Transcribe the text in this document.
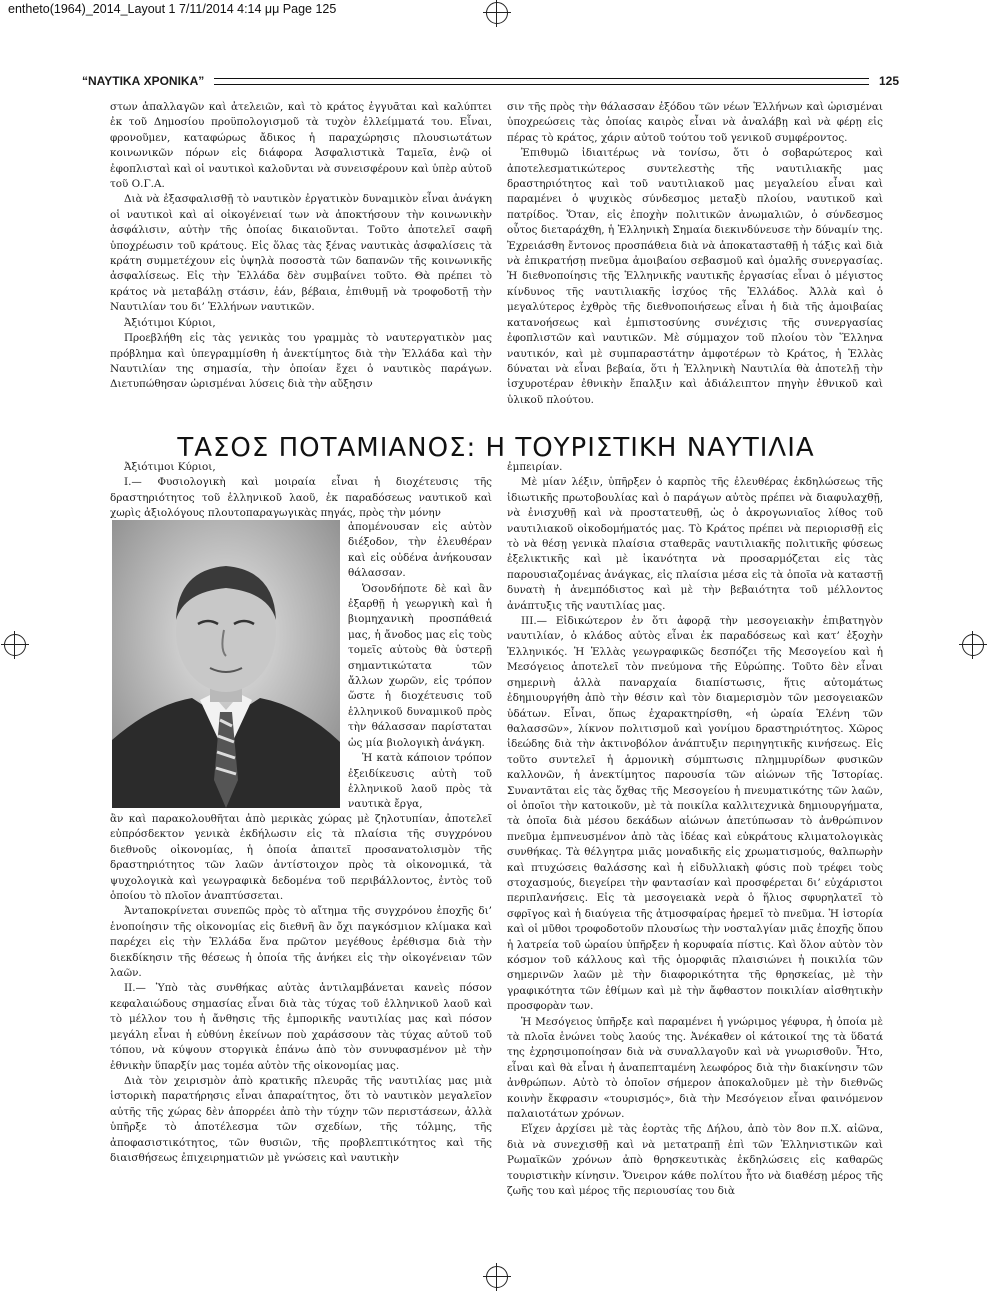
entheto(1964)_2014_Layout 1 7/11/2014 4:14 μμ Page 125
“ΝΑΥΤΙΚΑ ΧΡΟΝΙΚΑ”	125

στων ἀπαλλαγῶν καὶ ἀτελειῶν, καὶ τὸ κράτος ἐγγυᾶται καὶ καλύπτει ἐκ τοῦ Δημοσίου προϋπολογισμοῦ τὰ τυχὸν ἐλλείμματά του. Εἶναι, φρονοῦμεν, καταφώρως ἄδικος ἡ παραχώρησις πλουσιωτάτων κοινωνικῶν πόρων εἰς διάφορα Ἀσφαλιστικὰ Ταμεῖα, ἐνῷ οἱ ἐφοπλισταὶ καὶ οἱ ναυτικοὶ καλοῦνται νὰ συνεισφέρουν καὶ ὑπὲρ αὐτοῦ τοῦ Ο.Γ.Α.

Διὰ νὰ ἐξασφαλισθῇ τὸ ναυτικὸν ἐργατικὸν δυναμικὸν εἶναι ἀνάγκη οἱ ναυτικοὶ καὶ αἱ οἰκογένειαί των νὰ ἀποκτήσουν τὴν κοινωνικὴν ἀσφάλισιν, αὐτὴν τῆς ὁποίας δικαιοῦνται. Τοῦτο ἀποτελεῖ σαφῆ ὑποχρέωσιν τοῦ κράτους. Εἰς ὅλας τὰς ξένας ναυτικὰς ἀσφαλίσεις τὰ κράτη συμμετέχουν εἰς ὑψηλὰ ποσοστὰ τῶν δαπανῶν τῆς κοινωνικῆς ἀσφαλίσεως. Εἰς τὴν Ἑλλάδα δὲν συμβαίνει τοῦτο. Θὰ πρέπει τὸ κράτος νὰ μεταβάλῃ στάσιν, ἐάν, βέβαια, ἐπιθυμῇ νὰ τροφοδοτῇ τὴν Ναυτιλίαν του δι’ Ἑλλήνων ναυτικῶν.

Ἀξιότιμοι Κύριοι,

Προεβλήθη εἰς τὰς γενικὰς του γραμμὰς τὸ ναυτεργατικὸν μας πρόβλημα καὶ ὑπεγραμμίσθη ἡ ἀνεκτίμητος διὰ τὴν Ἑλλάδα καὶ τὴν Ναυτιλίαν της σημασία, τὴν ὁποίαν ἔχει ὁ ναυτικὸς παράγων. Διετυπώθησαν ὡρισμέναι λύσεις διὰ τὴν αὔξησιν

σιν τῆς πρὸς τὴν θάλασσαν ἐξόδου τῶν νέων Ἑλλήνων καὶ ὡρισμέναι ὑποχρεώσεις τὰς ὁποίας καιρὸς εἶναι νὰ ἀναλάβῃ καὶ νὰ φέρῃ εἰς πέρας τὸ κράτος, χάριν αὐτοῦ τούτου τοῦ γενικοῦ συμφέροντος.

Ἐπιθυμῶ ἰδιαιτέρως νὰ τονίσω, ὅτι ὁ σοβαρώτερος καὶ ἀποτελεσματικώτερος συντελεστὴς τῆς ναυτιλιακῆς μας δραστηριότητος καὶ τοῦ ναυτιλιακοῦ μας μεγαλείου εἶναι καὶ παραμένει ὁ ψυχικὸς σύνδεσμος μεταξὺ πλοίου, ναυτικοῦ καὶ πατρίδος. Ὅταν, εἰς ἐποχὴν πολιτικῶν ἀνωμαλιῶν, ὁ σύνδεσμος οὗτος διεταράχθη, ἡ Ἑλληνικὴ Σημαία διεκινδύνευσε τὴν δύναμίν της. Ἐχρειάσθη ἔντονος προσπάθεια διὰ νὰ ἀποκατασταθῇ ἡ τάξις καὶ διὰ νὰ ἐπικρατήσῃ πνεῦμα ἀμοιβαίου σεβασμοῦ καὶ ὁμαλῆς συνεργασίας. Ἡ διεθνοποίησις τῆς Ἑλληνικῆς ναυτικῆς ἐργασίας εἶναι ὁ μέγιστος κίνδυνος τῆς ναυτιλιακῆς ἰσχύος τῆς Ἑλλάδος. Ἀλλὰ καὶ ὁ μεγαλύτερος ἐχθρὸς τῆς διεθνοποιήσεως εἶναι ἡ διὰ τῆς ἀμοιβαίας κατανοήσεως καὶ ἐμπιστοσύνης συνέχισις τῆς συνεργασίας ἐφοπλιστῶν καὶ ναυτικῶν. Μὲ σύμμαχον τοῦ πλοίου τὸν Ἕλληνα ναυτικόν, καὶ μὲ συμπαραστάτην ἀμφοτέρων τὸ Κράτος, ἡ Ἑλλὰς δύναται νὰ εἶναι βεβαία, ὅτι ἡ Ἑλληνικὴ Ναυτιλία θὰ ἀποτελῇ τὴν ἰσχυροτέραν ἐθνικὴν ἔπαλξιν καὶ ἀδιάλειπτον πηγὴν ἐθνικοῦ καὶ ὑλικοῦ πλούτου.

ΤΑΣΟΣ ΠΟΤΑΜΙΑΝΟΣ: Η ΤΟΥΡΙΣΤΙΚΗ ΝΑΥΤΙΛΙΑ

Ἀξιότιμοι Κύριοι,

Ι.— Φυσιολογικὴ καὶ μοιραία εἶναι ἡ διοχέτευσις τῆς δραστηριότητος τοῦ ἑλληνικοῦ λαοῦ, ἐκ παραδόσεως ναυτικοῦ καὶ χωρὶς ἀξιολόγους πλουτοπαραγωγικὰς πηγάς, πρὸς τὴν μόνην

ἀπομένουσαν εἰς αὐτὸν διέξοδον, τὴν ἐλευθέραν καὶ εἰς οὐδένα ἀνήκουσαν θάλασσαν.

Ὁσονδήποτε δὲ καὶ ἂν ἐξαρθῇ ἡ γεωργικὴ καὶ ἡ βιομηχανικὴ προσπάθειά μας, ἡ ἄνοδος μας εἰς τοὺς τομεῖς αὐτοὺς θὰ ὑστερῇ σημαντικώτατα τῶν ἄλλων χωρῶν, εἰς τρόπον ὥστε ἡ διοχέτευσις τοῦ ἑλληνικοῦ δυναμικοῦ πρὸς τὴν θάλασσαν παρίσταται ὡς μία βιολογικὴ ἀνάγκη.

Ἡ κατὰ κάποιον τρόπον ἐξειδίκευσις αὐτὴ τοῦ ἑλληνικοῦ λαοῦ πρὸς τὰ ναυτικὰ ἔργα,

ἂν καὶ παρακολουθῆται ἀπὸ μερικὰς χώρας μὲ ζηλοτυπίαν, ἀποτελεῖ εὐπρόσδεκτον γενικὰ ἐκδήλωσιν εἰς τὰ πλαίσια τῆς συγχρόνου διεθνοῦς οἰκονομίας, ἡ ὁποία ἀπαιτεῖ προσανατολισμὸν τῆς δραστηριότητος τῶν λαῶν ἀντίστοιχον πρὸς τὰ οἰκονομικά, τὰ ψυχολογικὰ καὶ γεωγραφικὰ δεδομένα τοῦ περιβάλλοντος, ἐντὸς τοῦ ὁποίου τὸ πλοῖον ἀναπτύσσεται.

Ἀνταποκρίνεται συνεπῶς πρὸς τὸ αἴτημα τῆς συγχρόνου ἐποχῆς δι’ ἑνοποίησιν τῆς οἰκονομίας εἰς διεθνῆ ἂν ὄχι παγκόσμιον κλίμακα καὶ παρέχει εἰς τὴν Ἑλλάδα ἕνα πρῶτον μεγέθους ἐρέθισμα διὰ τὴν διεκδίκησιν τῆς θέσεως ἡ ὁποία τῆς ἀνήκει εἰς τὴν οἰκογένειαν τῶν λαῶν.

ΙΙ.— Ὑπὸ τὰς συνθήκας αὐτὰς ἀντιλαμβάνεται κανεὶς πόσον κεφαλαιώδους σημασίας εἶναι διὰ τὰς τύχας τοῦ ἑλληνικοῦ λαοῦ καὶ τὸ μέλλον του ἡ ἄνθησις τῆς ἐμπορικῆς ναυτιλίας μας καὶ πόσον μεγάλη εἶναι ἡ εὐθύνη ἐκείνων ποὺ χαράσσουν τὰς τύχας αὐτοῦ τοῦ τόπου, νὰ κύψουν στοργικὰ ἐπάνω ἀπὸ τὸν συνυφασμένον μὲ τὴν ἐθνικὴν ὕπαρξίν μας τομέα αὐτὸν τῆς οἰκονομίας μας.

Διὰ τὸν χειρισμὸν ἀπὸ κρατικῆς πλευρᾶς τῆς ναυτιλίας μας μιὰ ἱστορικὴ παρατήρησις εἶναι ἀπαραίτητος, ὅτι τὸ ναυτικὸν μεγαλεῖον αὐτῆς τῆς χώρας δὲν ἀπορρέει ἀπὸ τὴν τύχην τῶν περιστάσεων, ἀλλὰ ὑπῆρξε τὸ ἀποτέλεσμα τῶν σχεδίων, τῆς τόλμης, τῆς ἀποφασιστικότητος, τῶν θυσιῶν, τῆς προβλεπτικότητος καὶ τῆς διαισθήσεως ἐπιχειρηματιῶν μὲ γνώσεις καὶ ναυτικὴν

ἐμπειρίαν.

Μὲ μίαν λέξιν, ὑπῆρξεν ὁ καρπὸς τῆς ἐλευθέρας ἐκδηλώσεως τῆς ἰδιωτικῆς πρωτοβουλίας καὶ ὁ παράγων αὐτὸς πρέπει νὰ διαφυλαχθῇ, νὰ ἐνισχυθῇ καὶ νὰ προστατευθῇ, ὡς ὁ ἀκρογωνιαῖος λίθος τοῦ ναυτιλιακοῦ οἰκοδομήματός μας. Τὸ Κράτος πρέπει νὰ περιορισθῇ εἰς τὸ νὰ θέσῃ γενικὰ πλαίσια σταθερᾶς ναυτιλιακῆς πολιτικῆς φύσεως ἐξελικτικῆς καὶ μὲ ἱκανότητα νὰ προσαρμόζεται εἰς τὰς παρουσιαζομένας ἀνάγκας, εἰς πλαίσια μέσα εἰς τὰ ὁποῖα νὰ καταστῇ δυνατὴ ἡ ἀνεμπόδιστος καὶ μὲ τὴν βεβαιότητα τοῦ μέλλοντος ἀνάπτυξις τῆς ναυτιλίας μας.

ΙΙΙ.— Εἰδικώτερον ἐν ὅτι ἀφορᾷ τὴν μεσογειακὴν ἐπιβατηγὸν ναυτιλίαν, ὁ κλάδος αὐτὸς εἶναι ἐκ παραδόσεως καὶ κατ’ ἐξοχὴν Ἑλληνικός. Ἡ Ἑλλὰς γεωγραφικῶς δεσπόζει τῆς Μεσογείου καὶ ἡ Μεσόγειος ἀποτελεῖ τὸν πνεύμονα τῆς Εὐρώπης. Τοῦτο δὲν εἶναι σημερινὴ ἀλλὰ παναρχαία διαπίστωσις, ἥτις αὐτομάτως ἐδημιουργήθη ἀπὸ τὴν θέσιν καὶ τὸν διαμερισμὸν τῶν μεσογειακῶν ὑδάτων. Εἶναι, ὅπως ἐχαρακτηρίσθη, «ἡ ὡραία Ἑλένη τῶν θαλασσῶν», λίκνον πολιτισμοῦ καὶ γονίμου δραστηριότητος. Χῶρος ἰδεώδης διὰ τὴν ἀκτινοβόλον ἀνάπτυξιν περιηγητικῆς κινήσεως. Εἰς τοῦτο συντελεῖ ἡ ἁρμονικὴ σύμπτωσις πλημμυρίδων φυσικῶν καλλονῶν, ἡ ἀνεκτίμητος παρουσία τῶν αἰώνων τῆς Ἱστορίας. Συναντᾶται εἰς τὰς ὄχθας τῆς Μεσογείου ἡ πνευματικότης τῶν λαῶν, οἱ ὁποῖοι τὴν κατοικοῦν, μὲ τὰ ποικίλα καλλιτεχνικὰ δημιουργήματα, τὰ ὁποῖα διὰ μέσου δεκάδων αἰώνων ἀπετύπωσαν τὸ ἀνθρώπινον πνεῦμα ἐμπνευσμένον ἀπὸ τὰς ἰδέας καὶ εὐκράτους κλιματολογικὰς συνθήκας. Τὰ θέλγητρα μιᾶς μοναδικῆς εἰς χρωματισμούς, θαλπωρὴν καὶ πτυχώσεις θαλάσσης καὶ ἡ εἰδυλλιακὴ φύσις ποὺ τρέφει τοὺς στοχασμούς, διεγείρει τὴν φαντασίαν καὶ προσφέρεται δι’ εὐχάριστοι περιπλανήσεις. Εἰς τὰ μεσογειακὰ νερὰ ὁ ἥλιος σφυρηλατεῖ τὸ σφρῖγος καὶ ἡ διαύγεια τῆς ἀτμοσφαίρας ἠρεμεῖ τὸ πνεῦμα. Ἡ ἱστορία καὶ οἱ μῦθοι τροφοδοτοῦν πλουσίως τὴν νοσταλγίαν μιᾶς ἐποχῆς ὅπου ἡ λατρεία τοῦ ὡραίου ὑπῆρξεν ἡ κορυφαία πίστις. Καὶ ὅλον αὐτὸν τὸν κόσμον τοῦ κάλλους καὶ τῆς ὁμορφιᾶς πλαισιώνει ἡ ποικιλία τῶν σημερινῶν λαῶν μὲ τὴν διαφορικότητα τῆς θρησκείας, μὲ τὴν γραφικότητα τῶν ἐθίμων καὶ μὲ τὴν ἄφθαστον ποικιλίαν αἰσθητικὴν προσφορὰν των.

Ἡ Μεσόγειος ὑπῆρξε καὶ παραμένει ἡ γνώριμος γέφυρα, ἡ ὁποία μὲ τὰ πλοῖα ἑνώνει τοὺς λαούς της. Ἀνέκαθεν οἱ κάτοικοί της τὰ ὕδατά της ἐχρησιμοποίησαν διὰ νὰ συναλλαγοῦν καὶ νὰ γνωρισθοῦν. Ἦτο, εἶναι καὶ θὰ εἶναι ἡ ἀναπεπταμένη λεωφόρος διὰ τὴν διακίνησιν τῶν ἀνθρώπων. Αὐτὸ τὸ ὁποῖον σήμερον ἀποκαλοῦμεν μὲ τὴν διεθνῶς κοινὴν ἔκφρασιν «τουρισμός», διὰ τὴν Μεσόγειον εἶναι φαινόμενον παλαιοτάτων χρόνων.

Εἴχεν ἀρχίσει μὲ τὰς ἑορτὰς τῆς Δήλου, ἀπὸ τὸν 8ον π.Χ. αἰῶνα, διὰ νὰ συνεχισθῇ καὶ νὰ μετατραπῇ ἐπὶ τῶν Ἑλληνιστικῶν καὶ Ρωμαϊκῶν χρόνων ἀπὸ θρησκευτικὰς ἐκδηλώσεις εἰς καθαρῶς τουριστικὴν κίνησιν. Ὄνειρον κάθε πολίτου ἦτο νὰ διαθέσῃ μέρος τῆς ζωῆς του καὶ μέρος τῆς περιουσίας του διὰ
